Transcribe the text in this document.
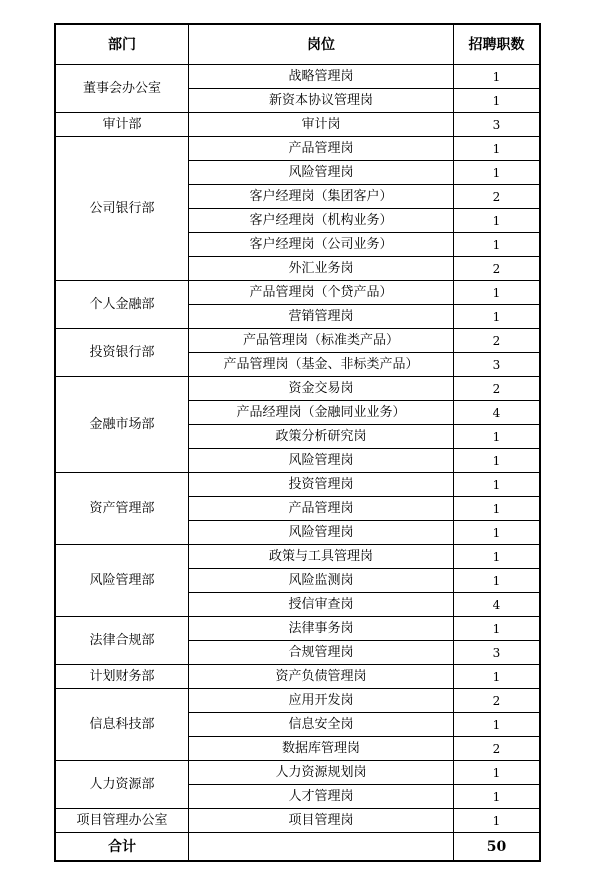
部门	岗位	招聘职数
董事会办公室	战略管理岗	1
	新资本协议管理岗	1
审计部	审计岗	3
公司银行部	产品管理岗	1
	风险管理岗	1
	客户经理岗（集团客户）	2
	客户经理岗（机构业务）	1
	客户经理岗（公司业务）	1
	外汇业务岗	2
个人金融部	产品管理岗（个贷产品）	1
	营销管理岗	1
投资银行部	产品管理岗（标准类产品）	2
	产品管理岗（基金、非标类产品）	3
金融市场部	资金交易岗	2
	产品经理岗（金融同业业务）	4
	政策分析研究岗	1
	风险管理岗	1
资产管理部	投资管理岗	1
	产品管理岗	1
	风险管理岗	1
风险管理部	政策与工具管理岗	1
	风险监测岗	1
	授信审查岗	4
法律合规部	法律事务岗	1
	合规管理岗	3
计划财务部	资产负债管理岗	1
信息科技部	应用开发岗	2
	信息安全岗	1
	数据库管理岗	2
人力资源部	人力资源规划岗	1
	人才管理岗	1
项目管理办公室	项目管理岗	1
合计		50
